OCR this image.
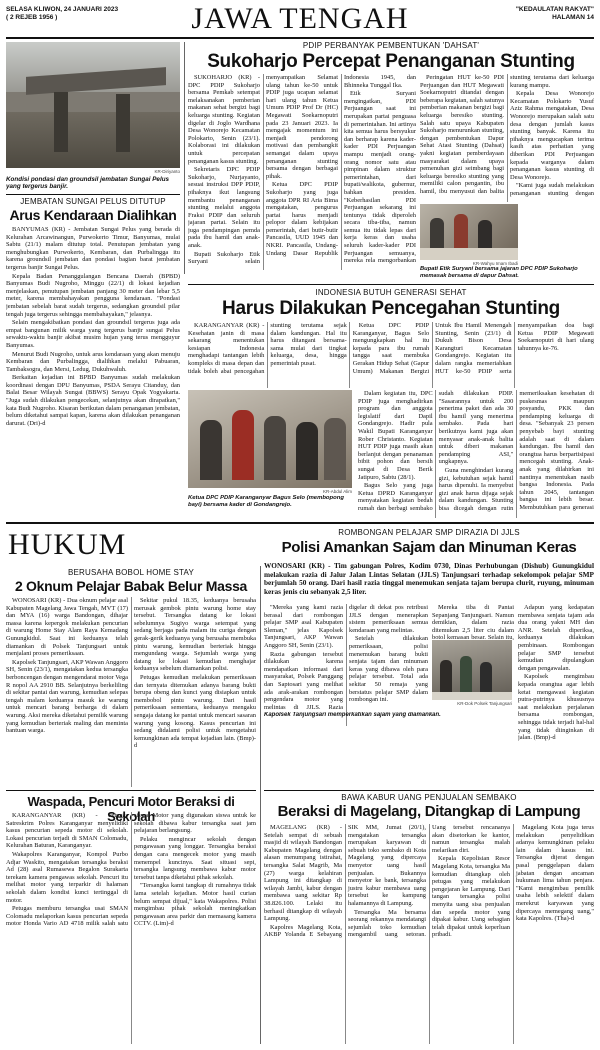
SELASA KLIWON, 24 JANUARI 2023
( 2 REJEB 1956 )	JAWA TENGAH	"KEDAULATAN RAKYAT"
HALAMAN 14
KR-Diriyanto
Kondisi pondasi dan groundsil jembatan Sungai Pelus yang tergerus banjir.
JEMBATAN SUNGAI PELUS DITUTUP
Arus Kendaraan Dialihkan

BANYUMAS (KR) - Jembatan Sungai Pelus yang berada di Kelurahan Arcawinangun, Purwokerto Timur, Banyumas, mulai Sabtu (21/1) malam ditutup total. Penutupan jembatan yang menghubungkan Purwokerto, Kembaran, dan Purbalingga itu karena groundsil jembatan dan pondasi bagian barat jembatan tergerus banjir Sungai Pelus.

Kepala Badan Penanggulangan Bencana Daerah (BPBD) Banyumas Budi Nugroho, Minggu (22/1) di lokasi kejadian menjelaskan, penutupan jembatan panjang 30 meter dan lebar 5,5 meter, karena membahayakan pengguna kendaraan. "Pondasi jembatan sebelah barat sudah tergerus, sedangkan groundsil pilar tengah juga tergerus sehingga membahayakan," jelasnya.

Selain mengakibatkan pondasi dan groundsil tergerus juga ada empat bangunan milik warga yang tergerus banjir sungai Pelus sewaktu-waktu banjir akibat musim hujan yang terus mengguyur Banyumas.

Menurut Budi Nugroho, untuk arus kendaraan yang akan menuju Kembaran dan Purbalingga, dialihkan melalui Pabuaran, Tambaksogra, dan Mersi, Ledug, Dukuhwaluh.

Berkaitan kejadian ini BPBD Banyumas sudah melakukan koordinasi dengan DPU Banyumas, PSDA Serayu Citanduy, dan Balai Besar Wilayah Sungai (BBWS) Serayu Opak Yogyakarta. "Juga sudah dilakukan pengecekan, selanjutnya akan dirapatkan," kata Budi Nugroho. Kisaran berikutan dalam penanganan jembatan, belum diketahui sampai kapan, karena akan dilakukan penanganan darurat. (Dri)-d

PDIP PERBANYAK PEMBENTUKAN 'DAHSAT'
Sukoharjo Percepat Penanganan Stunting

SUKOHARJO (KR) - DPC PDIP Sukoharjo bersama Pemkab setempat melaksanakan pemberian makanan sehat bergizi bagi keluarga stunting. Kegiatan digelar di Joglo Wardhana Desa Wonorejo Kecamatan Polokarto, Senin (23/1). Kolaborasi ini dilakukan untuk percepatan penanganan kasus stunting.

Sekretaris DPC PDIP Sukoharjo, Nurjayanto, sesuai instruksi DPP PDIP, pihaknya ikut langsung membantu penanganan stunting melalui anggota Fraksi PDIP dan seluruh jajaran partai. Selain itu juga pendampingan pemda pada ibu hamil dan anak-anak.

Bupati Sukoharjo Etik Suryani selain menyampaikan Selamat ulang tahun ke-50 untuk PDIP juga ucapan selamat hari ulang tahun Ketua Umum PDIP Prof Dr (HC) Megawati Soekarnoputri pada 23 Januari 2023. Ia mengajak momentum ini menjadi pendorong motivasi dan pembangkit semangat dalam upaya penanganan stunting bersama dengan berbagai pihak.

Ketua DPC PDIP Sukoharjo yang juga anggota DPR RI Aria Bima mengatakan, pengurus partai harus menjadi pelopor dalam kebijakan pemerintah, dari butir-butir Pancasila, UUD 1945 dan NKRI. Pancasila, Undang-Undang Dasar Republik Indonesia 1945, dan Bhinneka Tunggal Ika.

Etik Suryani mengingatkan, PDI Perjuangan saat ini merupakan partai penguasa di pemerintahan. Ini artinya kita semua harus bersyukur dan berharap karena kader-kader PDI Perjuangan mampu menjadi orang-orang nomor satu atau pimpinan dalam struktur pemerintahan, dari bupati/walikota, gubernur, bahkan presiden. "Keberhasilan PDI Perjuangan sekarang ini tentunya tidak diperoleh secara tiba-tiba, namun semua itu tidak lepas dari kerja keras dan usaha seluruh kader-kader PDI Perjuangan semuanya, mereka rela mengorbankan

Peringatan HUT ke-50 PDI Perjuangan dan HUT Megawati Soekarnoputri ditandai dengan beberapa kegiatan, salah satunya pemberian makanan bergizi bagi keluarga beresiko stunting. Salah satu upaya Kabupaten Sukoharjo menurunkan stunting, dengan pembentukan Dapur Sehat Atasi Stunting (Dahsat) yakni kegiatan pemberdayaan masyarakat dalam upaya pemenuhan gizi seimbang bagi keluarga beresiko stunting yang memiliki calon pengantin, ibu hamil, ibu menyusui dan balita stunting terutama dari keluarga kurang mampu.

Kepala Desa Wonorejo Kecamatan Polokarto Yusuf Aziz Rahma mengatakan, Desa Wonorejo merupakan salah satu desa dengan jumlah kasus stunting banyak. Karena itu pihaknya mengucapkan terima kasih atas perhatian yang diberikan PDI Perjuangan kepada warganya dalam penanganan kasus stunting di Desa Wonorejo.

"Kami juga sudah melakukan penanganan stunting dengan

KR-Wahyu Imam Ibadi
Bupati Etik Suryani bersama jajaran DPC PDIP Sukoharjo memasak bersama di dapur Dahsat.
INDONESIA BUTUH GENERASI SEHAT
Harus Dilakukan Pencegahan Stunting

KARANGANYAR (KR) - Kesehatan janin di masa sekarang menentukan kesiapan Indonesia menghadapi tantangan lebih kompleks di masa depan dan tidak boleh abai pencegahan stunting terutama sejak dalam kandungan. Hal itu harus ditangani bersama-sama mulai dari tingkat keluarga, desa, hingga pemerintah pusat.

Ketua DPC PDIP Karanganyar, Bagus Selo mengungkapkan hal itu kepada para ibu rumah tangga saat membuka Gerakan Hidup Sehat (Gapur Umum) Makanan Bergizi Untuk Ibu Hamil Menengah Stunting, Senin (23/1) di Dukuh Bison Desa Karangturi Kecamatan Gondangrejo. Kegiatan itu dalam rangka memeriahkan HUT ke-50 PDIP serta menyampaikan doa bagi Ketua PDIP Megawati Soekarnoputri di hari ulang tahunnya ke-76.

KR-Abdul Alim
Ketua DPC PDIP Karanganyar Bagus Selo (membopong bayi) bersama kader di Gondangrejo.

Dalam kegiatan itu, DPC PDIP juga menghadirkan program dan anggota legislatif dari Dapil Gondangrejo. Hadir pula Wakil Bupati Karanganyar Rober Christanto. Kegiatan HUT PDIP juga masih akan berlanjut dengan penanaman bibit pohon dan bersih sungai di Desa Berik Jatipuro, Sabtu (28/1).

Bagus Selo yang juga Ketua DPRD Karanganyar menyatakan kegiatan bedah rumah dan berbagi sembako sudah dilakukan PDIP. "Sasarannya untuk 200 penerima paket dan ada 30 ibu hamil yang menerima sembako. Pada hari berikutnya kami juga akan menyasar anak-anak balita untuk diberi makanan pendamping ASI," ungkapnya.

Guna menghindari kurang gizi, kebutuhan sejak hamil harus dipenuhi. Ia menyebut gizi anak harus dijaga sejak dalam kandungan. Stunting bisa dicegah dengan rutin memeriksakan kesehatan di puskesmas maupun posyandu, PKK dan pendamping keluarga di desa. "Sebanyak 23 persen penyebab bayi stunting adalah saat di dalam kandungan. Ibu hamil dan orangtua harus berpartisipasi mencegah stunting. Anak-anak yang dilahirkan ini nantinya menentukan nasib bangsa Indonesia. Pada tahun 2045, tantangan bangsa ini lebih besar. Membutuhkan para generasi

HUKUM
BERUSAHA BOBOL HOME STAY
2 Oknum Pelajar Babak Belur Massa

WONOSARI (KR) - Dua oknum pelajar asal Kabupaten Magelang Jawa Tengah, MVT (17) dan MYA (16) warga Bandongan, dihajar massa karena kepergok melakukan pencurian di warung Home Stay Alam Raya Kemadang Gunungkidul. Saat ini keduanya telah diamankan di Polsek Tanjungsari untuk menjalani proses pemeriksaan.

Kapolsek Tanjungsari, AKP Wawan Anggoro SH, Senin (23/1), mengatakan kedua tersangka berboncengan dengan mengendarai motor Vega R nopol AA 2910 BB. Selanjutnya berkeliling di sekitar pantai dan warung, kemudian selepas tengah malam keduanya masuk ke warung untuk mencari barang berharga di dalam warung. Aksi mereka diketahui pemilik warung yang kemudian berteriak maling dan meminta bantuan warga.

Sekitar pukul 18.35, keduanya berusaha merusak gembok pintu warung home stay tersebut. Tersangka datang ke lokasi sebelumnya Sugiyo warga setempat yang sedang berjaga pada malam itu curiga dengan gerak-gerik keduanya yang berusaha membuka pintu warung, kemudian berteriak hingga mengundang warga. Sejumlah warga yang datang ke lokasi kemudian menghajar keduanya sebelum diamankan polisi.

Petugas kemudian melakukan pemeriksaan dan ternyata ditemukan adanya barang bukti berupa obeng dan kunci yang disiapkan untuk membobol pintu warung. Dari hasil pemeriksaan sementara, keduanya mengaku sengaja datang ke pantai untuk mencari sasaran warung yang kosong. Kasus pencurian ini sedang didalami polisi untuk mengetahui kemungkinan ada tempat kejadian lain. (Bmp)-d

Waspada, Pencuri Motor Beraksi di Sekolah

KARANGANYAR (KR) - Petugas Satreskrim Polres Karanganyar menyelidiki kasus pencurian sepeda motor di sekolah. Lokasi pencurian terjadi di SMAN Colomadu, Kelurahan Baturan, Karanganyar.

Wakapolres Karanganyar, Kompol Purbo Adjar Waskito, mengatakan tersangka beraksi Ad (28) asal Rumasewa Begalon Surakarta terekam kamera pengawas sekolah. Pencuri itu melihat motor yang terparkir di halaman sekolah dalam kondisi kunci tertinggal di motor.

Petugas memburu tersangka usai SMAN Colomadu melaporkan kasus pencurian sepeda motor Honda Vario AD 4718 milik salah satu siswa. Motor yang digunakan siswa untuk ke sekolah dibawa kabur tersangka saat jam pelajaran berlangsung.

Pelaku mengincar sekolah dengan pengawasan yang longgar. Tersangka beraksi dengan cara mengecek motor yang masih menempel kuncinya. Saat situasi sepi, tersangka langsung membawa kabur motor tersebut tanpa diketahui pihak sekolah.

"Tersangka kami tangkap di rumahnya tidak lama setelah kejadian. Motor hasil curian belum sempat dijual," kata Wakapolres. Polisi mengimbau pihak sekolah meningkatkan pengawasan area parkir dan memasang kamera CCTV. (Lim)-d

ROMBONGAN PELAJAR SMP DIRAZIA DI JJLS
Polisi Amankan Sajam dan Minuman Keras
WONOSARI (KR) - Tim gabungan Polres, Kodim 0730, Dinas Perhubungan (Dishub) Gunungkidul melakukan razia di Jalur Jalan Lintas Selatan (JJLS) Tanjungsari terhadap sekelompok pelajar SMP berjumlah 50 orang. Dari hasil razia tinggal menemukan senjata tajam berupa clurit, ruyung, minuman keras jenis ciu sebanyak 2,5 liter.

"Mereka yang kami razia berasal dari rombongan pelajar SMP asal Kabupaten Sleman," jelas Kapolsek Tanjungsari, AKP Wawan Anggoro SH, Senin (23/1).

Razia gabungan tersebut dilakukan karena mendapatkan informasi dari masyarakat, Polsek Panggang dan Saptosari yang melihat ada arak-arakan rombongan pengendara motor yang melintas di JJLS. Razia digelar di dekat pos retribusi JJLS dengan menerapkan sistem pemeriksaan semua kendaraan yang melintas.

Setelah dilakukan pemeriksaan, polisi menemukan barang bukti senjata tajam dan minuman keras yang dibawa oleh para pelajar tersebut. Total ada sekitar 50 remaja yang berstatus pelajar SMP dalam rombongan ini.

Mereka tiba di Pantai Sepanjang Tanjungsari. Namun demikian, dalam razia ditemukan 2,5 liter ciu dalam botol kemasan besar. Selain itu,

KR-Dok Polsek Tanjungsari
Kapolsek Tanjungsari memperkatikan sajam yang diamankan.

Adapun yang kedapatan membawa senjata tajam ada dua orang yakni MH dan ANR. Setelah diperiksa, keduanya dilakukan pembinaan. Rombongan pelajar SMP tersebut kemudian dipulangkan dengan pengawalan.

Kapolsek mengimbau kepada orangtua agar lebih ketat mengawasi kegiatan putra-putrinya khususnya saat melakukan perjalanan bersama rombongan, sehingga tidak terjadi hal-hal yang tidak diinginkan di jalan. (Bmp)-d

BAWA KABUR UANG PENJUALAN SEMBAKO
Beraksi di Magelang, Ditangkap di Lampung

MAGELANG (KR) - Setelah sempat di sebuah masjid di wilayah Bandongan Kabupaten Magelang dengan alasan menumpang istirahat, tersangka Salat Magrib, Ma (27) warga kelahiran Lampung ini ditangkap di wilayah Jambi, kabur dengan membawa uang sekitar Rp 38.826.100. Lelaki itu berhasil ditangkap di wilayah Lampung.

Kapolres Magelang Kota, AKBP Yolanda E Sebayang SIK MM, Jumat (20/1), mengatakan tersangka merupakan karyawan di sebuah toko sembako di Kota Magelang yang dipercaya menyetor uang hasil penjualan. Bukannya menyetor ke bank, tersangka justru kabur membawa uang tersebut ke kampung halamannya di Lampung.

Tersangka Ma bersama seorang rekannya mendatangi sejumlah toko kemudian mengambil uang setoran. Uang tersebut rencananya akan disetorkan ke kantor, namun tersangka malah melarikan diri.

Kepala Kepolisian Resor Magelang Kota, tersangka Ma kemudian ditangkap oleh petugas yang melakukan pengejaran ke Lampung. Dari tangan tersangka polisi menyita uang sisa penjualan dan sepeda motor yang dipakai kabur. Uang sebagian telah dipakai untuk keperluan pribadi.

Magelang Kota juga terus melakukan penyelidikan adanya kemungkinan pelaku lain dalam kasus ini. Tersangka dijerat dengan pasal penggelapan dalam jabatan dengan ancaman hukuman lima tahun penjara. "Kami mengimbau pemilik usaha lebih selektif dalam merekrut karyawan yang dipercaya memegang uang," kata Kapolres. (Tha)-d
